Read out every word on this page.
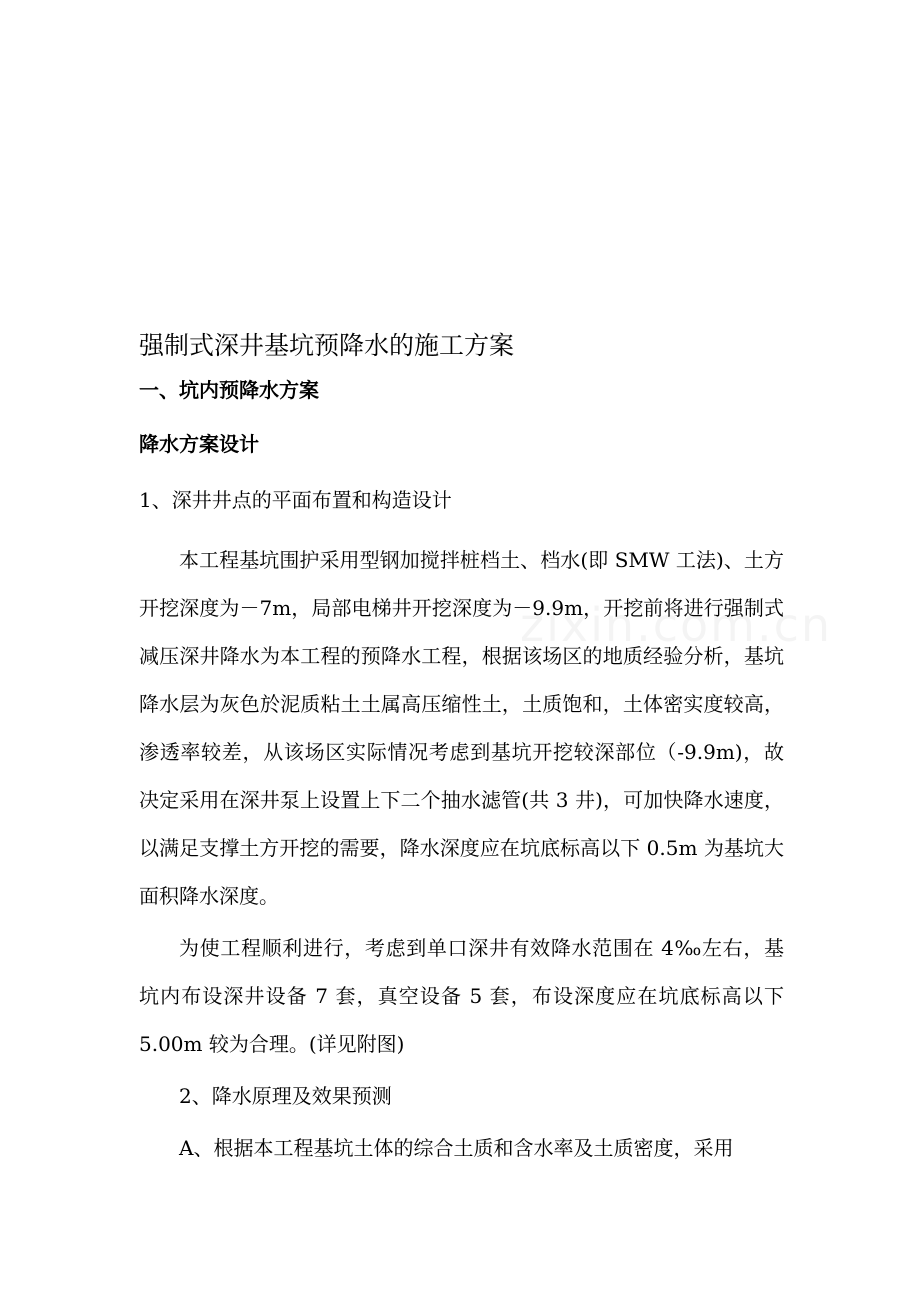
强制式深井基坑预降水的施工方案
一、坑内预降水方案
降水方案设计
1、深井井点的平面布置和构造设计

本工程基坑围护采用型钢加搅拌桩档土、档水(即 SMW 工法)、土方开挖深度为－7m，局部电梯井开挖深度为－9.9m，开挖前将进行强制式减压深井降水为本工程的预降水工程，根据该场区的地质经验分析，基坑降水层为灰色於泥质粘土土属高压缩性土，土质饱和，土体密实度较高，渗透率较差，从该场区实际情况考虑到基坑开挖较深部位（-9.9m)，故决定采用在深井泵上设置上下二个抽水滤管(共 3 井)，可加快降水速度，以满足支撑土方开挖的需要，降水深度应在坑底标高以下 0.5m 为基坑大面积降水深度。

为使工程顺利进行，考虑到单口深井有效降水范围在 4‰左右，基坑内布设深井设备 7 套，真空设备 5 套，布设深度应在坑底标高以下 5.00m 较为合理。(详见附图)

2、降水原理及效果预测
A、根据本工程基坑土体的综合土质和含水率及土质密度，采用
